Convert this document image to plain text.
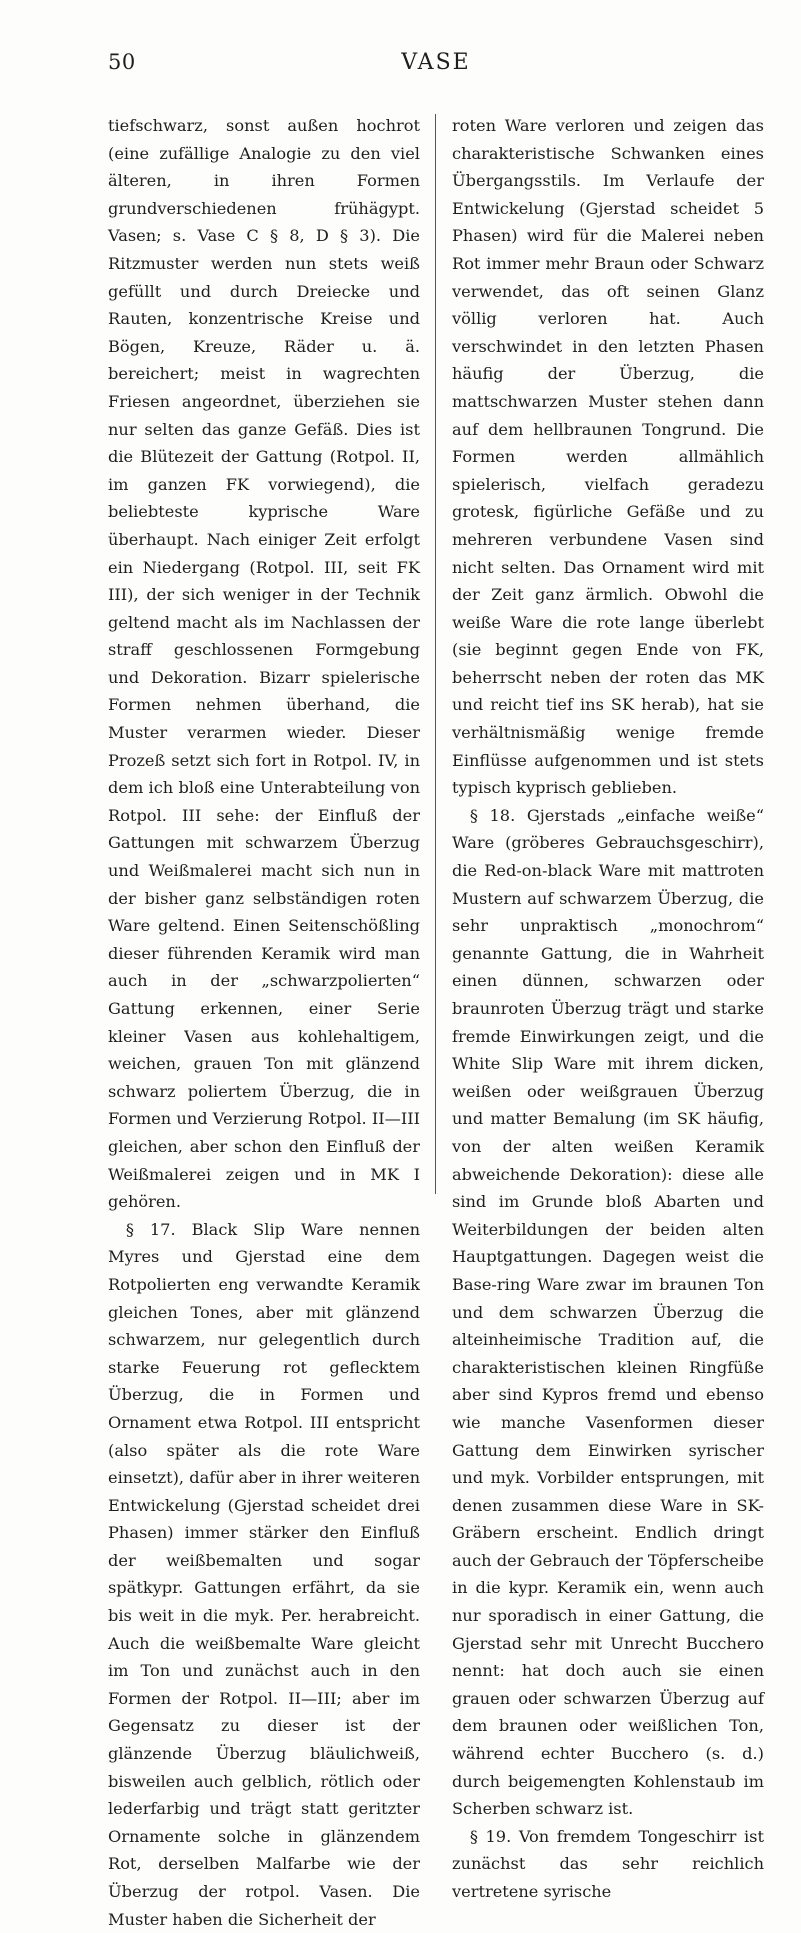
50	VASE

tiefschwarz, sonst außen hochrot (eine zufällige Analogie zu den viel älteren, in ihren Formen grundverschiedenen frühägypt. Vasen; s. Vase C § 8, D § 3). Die Ritzmuster werden nun stets weiß gefüllt und durch Dreiecke und Rauten, konzentrische Kreise und Bögen, Kreuze, Räder u. ä. bereichert; meist in wagrechten Friesen angeordnet, überziehen sie nur selten das ganze Gefäß. Dies ist die Blütezeit der Gattung (Rotpol. II, im ganzen FK vorwiegend), die beliebteste kyprische Ware überhaupt. Nach einiger Zeit erfolgt ein Niedergang (Rotpol. III, seit FK III), der sich weniger in der Technik geltend macht als im Nachlassen der straff geschlossenen Formgebung und Dekoration. Bizarr spielerische Formen nehmen überhand, die Muster verarmen wieder. Dieser Prozeß setzt sich fort in Rotpol. IV, in dem ich bloß eine Unterabteilung von Rotpol. III sehe: der Einfluß der Gattungen mit schwarzem Überzug und Weißmalerei macht sich nun in der bisher ganz selbständigen roten Ware geltend. Einen Seitenschößling dieser führenden Keramik wird man auch in der „schwarzpolierten“ Gattung erkennen, einer Serie kleiner Vasen aus kohlehaltigem, weichen, grauen Ton mit glänzend schwarz poliertem Überzug, die in Formen und Verzierung Rotpol. II—III gleichen, aber schon den Einfluß der Weißmalerei zeigen und in MK I gehören.

§ 17. Black Slip Ware nennen Myres und Gjerstad eine dem Rotpolierten eng verwandte Keramik gleichen Tones, aber mit glänzend schwarzem, nur gelegentlich durch starke Feuerung rot geflecktem Überzug, die in Formen und Ornament etwa Rotpol. III entspricht (also später als die rote Ware einsetzt), dafür aber in ihrer weiteren Entwickelung (Gjerstad scheidet drei Phasen) immer stärker den Einfluß der weißbemalten und sogar spätkypr. Gattungen erfährt, da sie bis weit in die myk. Per. herabreicht. Auch die weißbemalte Ware gleicht im Ton und zunächst auch in den Formen der Rotpol. II—III; aber im Gegensatz zu dieser ist der glänzende Überzug bläulichweiß, bisweilen auch gelblich, rötlich oder lederfarbig und trägt statt geritzter Ornamente solche in glänzendem Rot, derselben Malfarbe wie der Überzug der rotpol. Vasen. Die Muster haben die Sicherheit der

roten Ware verloren und zeigen das charakteristische Schwanken eines Übergangsstils. Im Verlaufe der Entwickelung (Gjerstad scheidet 5 Phasen) wird für die Malerei neben Rot immer mehr Braun oder Schwarz verwendet, das oft seinen Glanz völlig verloren hat. Auch verschwindet in den letzten Phasen häufig der Überzug, die mattschwarzen Muster stehen dann auf dem hellbraunen Tongrund. Die Formen werden allmählich spielerisch, vielfach geradezu grotesk, figürliche Gefäße und zu mehreren verbundene Vasen sind nicht selten. Das Ornament wird mit der Zeit ganz ärmlich. Obwohl die weiße Ware die rote lange überlebt (sie beginnt gegen Ende von FK, beherrscht neben der roten das MK und reicht tief ins SK herab), hat sie verhältnismäßig wenige fremde Einflüsse aufgenommen und ist stets typisch kyprisch geblieben.

§ 18. Gjerstads „einfache weiße“ Ware (gröberes Gebrauchsgeschirr), die Red-on-black Ware mit mattroten Mustern auf schwarzem Überzug, die sehr unpraktisch „monochrom“ genannte Gattung, die in Wahrheit einen dünnen, schwarzen oder braunroten Überzug trägt und starke fremde Einwirkungen zeigt, und die White Slip Ware mit ihrem dicken, weißen oder weißgrauen Überzug und matter Bemalung (im SK häufig, von der alten weißen Keramik abweichende Dekoration): diese alle sind im Grunde bloß Abarten und Weiterbildungen der beiden alten Hauptgattungen. Dagegen weist die Base-ring Ware zwar im braunen Ton und dem schwarzen Überzug die alteinheimische Tradition auf, die charakteristischen kleinen Ringfüße aber sind Kypros fremd und ebenso wie manche Vasenformen dieser Gattung dem Einwirken syrischer und myk. Vorbilder entsprungen, mit denen zusammen diese Ware in SK-Gräbern erscheint. Endlich dringt auch der Gebrauch der Töpferscheibe in die kypr. Keramik ein, wenn auch nur sporadisch in einer Gattung, die Gjerstad sehr mit Unrecht Bucchero nennt: hat doch auch sie einen grauen oder schwarzen Überzug auf dem braunen oder weißlichen Ton, während echter Bucchero (s. d.) durch beigemengten Kohlenstaub im Scherben schwarz ist.

§ 19. Von fremdem Tongeschirr ist zunächst das sehr reichlich vertretene syrische
